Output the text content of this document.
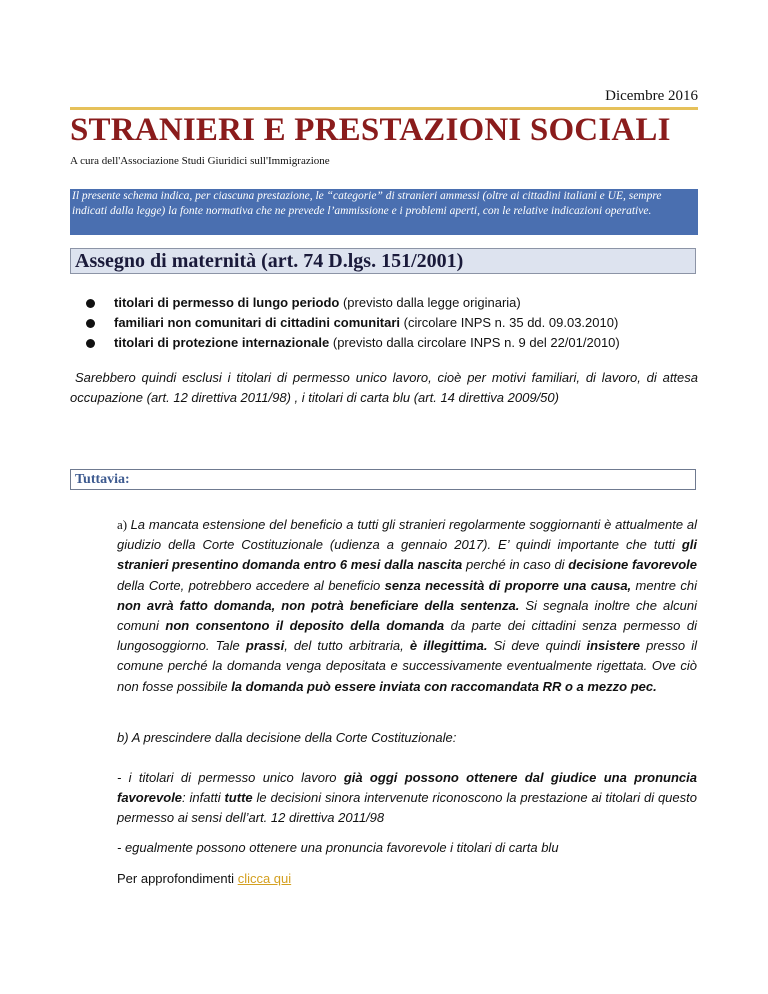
Dicembre 2016
STRANIERI E PRESTAZIONI SOCIALI
A cura dell'Associazione Studi Giuridici sull'Immigrazione
Il presente schema indica, per ciascuna prestazione, le “categorie” di stranieri ammessi (oltre ai cittadini italiani e UE, sempre indicati dalla legge) la fonte normativa che ne prevede l’ammissione e i problemi aperti, con le relative indicazioni operative.
Assegno di maternità (art. 74 D.lgs. 151/2001)
titolari di permesso di lungo periodo (previsto dalla legge originaria)
familiari non comunitari di cittadini comunitari (circolare INPS n. 35 dd. 09.03.2010)
titolari di protezione internazionale (previsto dalla circolare INPS n. 9 del 22/01/2010)
Sarebbero quindi esclusi i titolari di permesso unico lavoro, cioè per motivi familiari, di lavoro, di attesa occupazione (art. 12 direttiva 2011/98) , i titolari di carta blu (art. 14 direttiva 2009/50)
Tuttavia:
a) La mancata estensione del beneficio a tutti gli stranieri regolarmente soggiornanti è attualmente al giudizio della Corte Costituzionale (udienza a gennaio 2017). E’ quindi importante che tutti gli stranieri presentino domanda entro 6 mesi dalla nascita perché in caso di decisione favorevole della Corte, potrebbero accedere al beneficio senza necessità di proporre una causa, mentre chi non avrà fatto domanda, non potrà beneficiare della sentenza. Si segnala inoltre che alcuni comuni non consentono il deposito della domanda da parte dei cittadini senza permesso di lungosoggiorno. Tale prassi, del tutto arbitraria, è illegittima. Si deve quindi insistere presso il comune perché la domanda venga depositata e successivamente eventualmente rigettata. Ove ciò non fosse possibile la domanda può essere inviata con raccomandata RR o a mezzo pec.
b) A prescindere dalla decisione della Corte Costituzionale:
- i titolari di permesso unico lavoro già oggi possono ottenere dal giudice una pronuncia favorevole: infatti tutte le decisioni sinora intervenute riconoscono la prestazione ai titolari di questo permesso ai sensi dell’art. 12 direttiva 2011/98
- egualmente possono ottenere una pronuncia favorevole i titolari di carta blu
Per approfondimenti clicca qui
